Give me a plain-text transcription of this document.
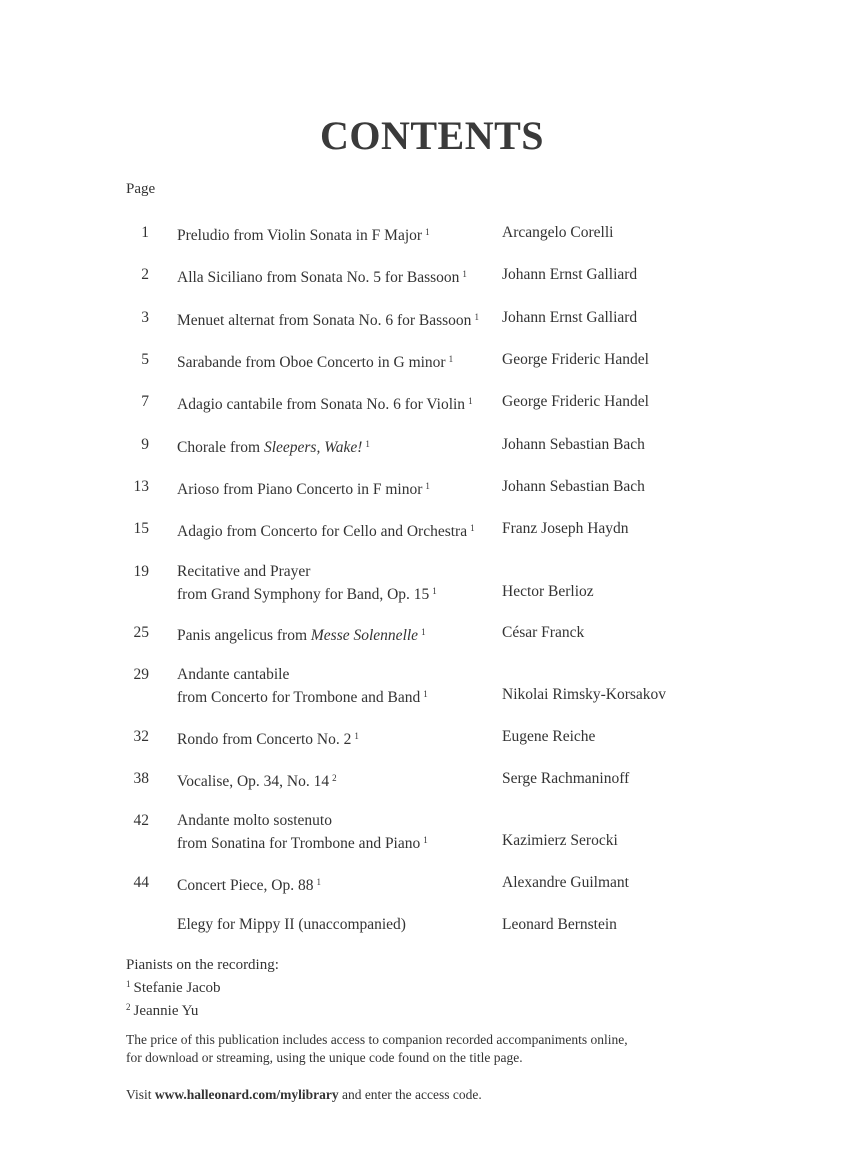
CONTENTS
Page
1 Preludio from Violin Sonata in F Major $^1$	Arcangelo Corelli
2 Alla Siciliano from Sonata No. 5 for Bassoon $^1$ Johann Ernst Galliard
3 Menuet alternat from Sonata No. 6 for Bassoon $^1$ Johann Ernst Galliard
5 Sarabande from Oboe Concerto in G minor $^1$	George Frideric Handel
7 Adagio cantabile from Sonata No. 6 for Violin $^1$ George Frideric Handel
9 Chorale from Sleepers, Wake! $^1$	Johann Sebastian Bach
13 Arioso from Piano Concerto in F minor $^1$	Johann Sebastian Bach
15 Adagio from Concerto for Cello and Orchestra $^1$ Franz Joseph Haydn
19 Recitative and Prayer
from Grand Symphony for Band, Op. 15 $^1$	Hector Berlioz
25 Panis angelicus from Messe Solennelle $^1$	César Franck
29 Andante cantabile
from Concerto for Trombone and Band $^1$	Nikolai Rimsky-Korsakov
32 Rondo from Concerto No. 2 $^1$	Eugene Reiche
38 Vocalise, Op. 34, No. 14 $^2$	Serge Rachmaninoff
42 Andante molto sostenuto
from Sonatina for Trombone and Piano $^1$	Kazimierz Serocki
44 Concert Piece, Op. 88 $^1$	Alexandre Guilmant
Elegy for Mippy II (unaccompanied)	Leonard Bernstein
Pianists on the recording:
$^1$ Stefanie Jacob
$^2$ Jeannie Yu
The price of this publication includes access to companion recorded accompaniments online,
for download or streaming, using the unique code found on the title page.
Visit www.halleonard.com/mylibrary and enter the access code.
